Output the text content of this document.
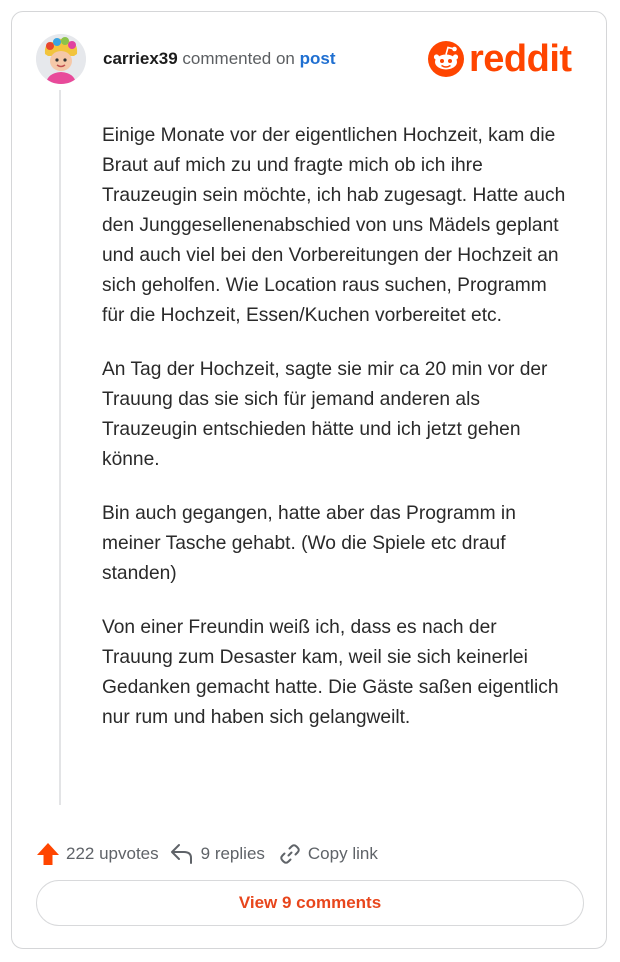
carriex39 commented on post	reddit

Einige Monate vor der eigentlichen Hochzeit, kam die Braut auf mich zu und fragte mich ob ich ihre Trauzeugin sein möchte, ich hab zugesagt. Hatte auch den Junggesellenenabschied von uns Mädels geplant und auch viel bei den Vorbereitungen der Hochzeit an sich geholfen. Wie Location raus suchen, Programm für die Hochzeit, Essen/Kuchen vorbereitet etc.

An Tag der Hochzeit, sagte sie mir ca 20 min vor der Trauung das sie sich für jemand anderen als Trauzeugin entschieden hätte und ich jetzt gehen könne.

Bin auch gegangen, hatte aber das Programm in meiner Tasche gehabt. (Wo die Spiele etc drauf standen)

Von einer Freundin weiß ich, dass es nach der Trauung zum Desaster kam, weil sie sich keinerlei Gedanken gemacht hatte. Die Gäste saßen eigentlich nur rum und haben sich gelangweilt.

222 upvotes 9 replies	Copy link
View 9 comments
